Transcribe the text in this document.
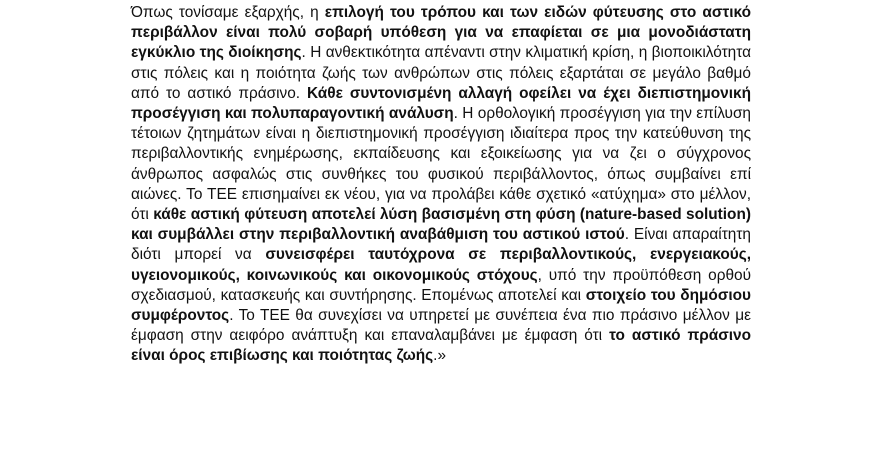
Όπως τονίσαμε εξαρχής, η επιλογή του τρόπου και των ειδών φύτευσης στο αστικό περιβάλλον είναι πολύ σοβαρή υπόθεση για να επαφίεται σε μια μονοδιάστατη εγκύκλιο της διοίκησης. Η ανθεκτικότητα απέναντι στην κλιματική κρίση, η βιοποικιλότητα στις πόλεις και η ποιότητα ζωής των ανθρώπων στις πόλεις εξαρτάται σε μεγάλο βαθμό από το αστικό πράσινο. Κάθε συντονισμένη αλλαγή οφείλει να έχει διεπιστημονική προσέγγιση και πολυπαραγοντική ανάλυση. Η ορθολογική προσέγγιση για την επίλυση τέτοιων ζητημάτων είναι η διεπιστημονική προσέγγιση ιδιαίτερα προς την κατεύθυνση της περιβαλλοντικής ενημέρωσης, εκπαίδευσης και εξοικείωσης για να ζει ο σύγχρονος άνθρωπος ασφαλώς στις συνθήκες του φυσικού περιβάλλοντος, όπως συμβαίνει επί αιώνες. Το ΤΕΕ επισημαίνει εκ νέου, για να προλάβει κάθε σχετικό «ατύχημα» στο μέλλον, ότι κάθε αστική φύτευση αποτελεί λύση βασισμένη στη φύση (nature-based solution) και συμβάλλει στην περιβαλλοντική αναβάθμιση του αστικού ιστού. Είναι απαραίτητη διότι μπορεί να συνεισφέρει ταυτόχρονα σε περιβαλλοντικούς, ενεργειακούς, υγειονομικούς, κοινωνικούς και οικονομικούς στόχους, υπό την προϋπόθεση ορθού σχεδιασμού, κατασκευής και συντήρησης. Επομένως αποτελεί και στοιχείο του δημόσιου συμφέροντος. Το ΤΕΕ θα συνεχίσει να υπηρετεί με συνέπεια ένα πιο πράσινο μέλλον με έμφαση στην αειφόρο ανάπτυξη και επαναλαμβάνει με έμφαση ότι το αστικό πράσινο είναι όρος επιβίωσης και ποιότητας ζωής.»
